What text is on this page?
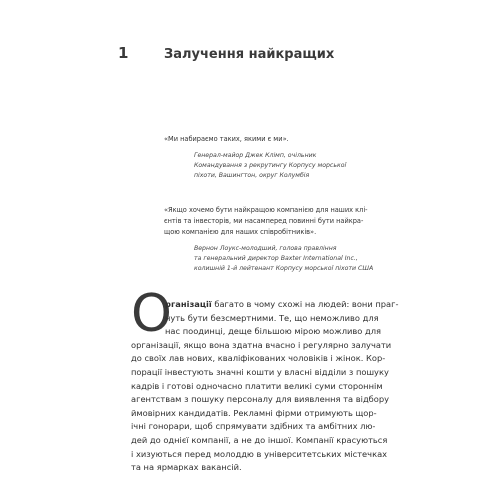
1	Залучення найкращих
«Ми набираємо таких, якими є ми».
Генерал-майор Джек Клімп, очільник
Командування з рекрутингу Корпусу морської
піхоти, Вашингтон, округ Колумбія
«Якщо хочемо бути найкращою компанією для наших клі-
єнтів та інвесторів, ми насамперед повинні бути найкра-
щою компанією для наших співробітників».
Вернон Лоукс-молодший, голова правління
та генеральний директор Baxter International Inc.,
колишній 1-й лейтенант Корпусу морської піхоти США
О
рганізації багато в чому схожі на людей: вони праг-
нуть бути безсмертними. Те, що неможливо для
нас поодинці, деще більшою мірою можливо для
організації, якщо вона здатна вчасно і регулярно залучати
до своїх лав нових, кваліфікованих чоловіків і жінок. Кор-
порації інвестують значні кошти у власні відділи з пошуку
кадрів і готові одночасно платити великі суми стороннім
агентствам з пошуку персоналу для виявлення та відбору
ймовірних кандидатів. Рекламні фірми отримують щор-
ічні гонорари, щоб спрямувати здібних та амбітних лю-
дей до однієї компанії, а не до іншої. Компанії красуються
і хизуються перед молоддю в університетських містечках
та на ярмарках вакансій.
